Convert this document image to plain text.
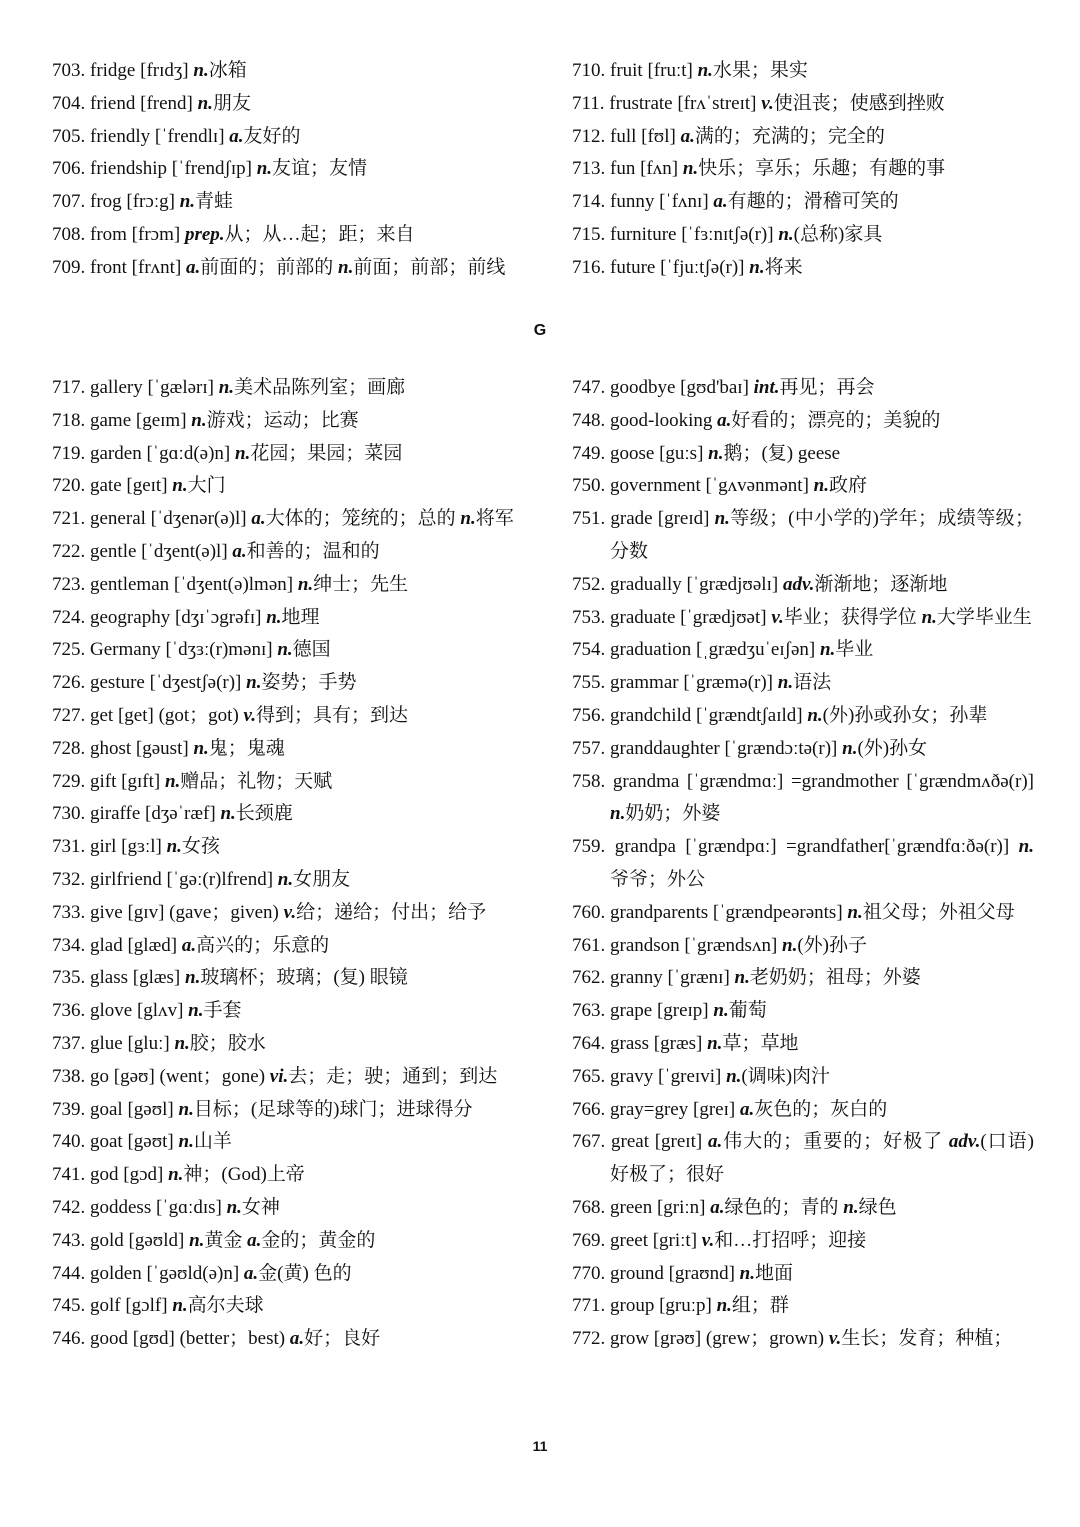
703. fridge [frɪdʒ] n.冰箱
704. friend [frend] n.朋友
705. friendly [ˈfrendlɪ] a.友好的
706. friendship [ˈfrendʃɪp] n.友谊；友情
707. frog [frɔːg] n.青蛙
708. from [frɔm] prep.从；从…起；距；来自
709. front [frʌnt] a.前面的；前部的 n.前面；前部；前线
710. fruit [fruːt] n.水果；果实
711. frustrate [frʌˈstreɪt] v.使沮丧；使感到挫败
712. full [fʊl] a.满的；充满的；完全的
713. fun [fʌn] n.快乐；享乐；乐趣；有趣的事
714. funny [ˈfʌnɪ] a.有趣的；滑稽可笑的
715. furniture [ˈfɜːnɪtʃə(r)] n.(总称)家具
716. future [ˈfjuːtʃə(r)] n.将来
G
717. gallery [ˈgælərɪ] n.美术品陈列室；画廊
718. game [geɪm] n.游戏；运动；比赛
719. garden [ˈgɑːd(ə)n] n.花园；果园；菜园
720. gate [geɪt] n.大门
721. general [ˈdʒenər(ə)l] a.大体的；笼统的；总的 n.将军
722. gentle [ˈdʒent(ə)l] a.和善的；温和的
723. gentleman [ˈdʒent(ə)lmən] n.绅士；先生
724. geography [dʒɪˈɔgrəfɪ] n.地理
725. Germany [ˈdʒɜː(r)mənɪ] n.德国
726. gesture [ˈdʒestʃə(r)] n.姿势；手势
727. get [get] (got；got) v.得到；具有；到达
728. ghost [gəust] n.鬼；鬼魂
729. gift [gɪft] n.赠品；礼物；天赋
730. giraffe [dʒəˈræf] n.长颈鹿
731. girl [gɜːl] n.女孩
732. girlfriend [ˈgəː(r)lfrend] n.女朋友
733. give [gɪv] (gave；given) v.给；递给；付出；给予
734. glad [glæd] a.高兴的；乐意的
735. glass [glæs] n.玻璃杯；玻璃；(复) 眼镜
736. glove [glʌv] n.手套
737. glue [gluː] n.胶；胶水
738. go [gəʊ] (went；gone) vi.去；走；驶；通到；到达
739. goal [gəʊl] n.目标；(足球等的)球门；进球得分
740. goat [gəʊt] n.山羊
741. god [gɔd] n.神；(God)上帝
742. goddess [ˈgɑːdɪs] n.女神
743. gold [gəʊld] n.黄金 a.金的；黄金的
744. golden [ˈgəʊld(ə)n] a.金(黄) 色的
745. golf [gɔlf] n.高尔夫球
746. good [gʊd] (better；best) a.好；良好
747. goodbye [gʊd'baɪ] int.再见；再会
748. good-looking a.好看的；漂亮的；美貌的
749. goose [guːs] n.鹅；(复) geese
750. government [ˈgʌvənmənt] n.政府
751. grade [greɪd] n.等级；(中小学的)学年；成绩等级；分数
752. gradually [ˈgrædjʊəlɪ] adv.渐渐地；逐渐地
753. graduate [ˈgrædjʊət] v.毕业；获得学位 n.大学毕业生
754. graduation [ˌgrædʒuˈeɪʃən] n.毕业
755. grammar [ˈgræmə(r)] n.语法
756. grandchild [ˈgrændtʃaɪld] n.(外)孙或孙女；孙辈
757. granddaughter [ˈgrændɔːtə(r)] n.(外)孙女
758. grandma [ˈgrændmɑː] =grandmother [ˈgrændmʌðə(r)] n.奶奶；外婆
759. grandpa [ˈgrændpɑː] =grandfather[ˈgrændfɑːðə(r)] n.爷爷；外公
760. grandparents [ˈgrændpeərənts] n.祖父母；外祖父母
761. grandson [ˈgrændsʌn] n.(外)孙子
762. granny [ˈgrænɪ] n.老奶奶；祖母；外婆
763. grape [greɪp] n.葡萄
764. grass [græs] n.草；草地
765. gravy [ˈgreɪvi] n.(调味)肉汁
766. gray=grey [greɪ] a.灰色的；灰白的
767. great [greɪt] a.伟大的；重要的；好极了 adv.(口语)好极了；很好
768. green [griːn] a.绿色的；青的 n.绿色
769. greet [griːt] v.和…打招呼；迎接
770. ground [graʊnd] n.地面
771. group [gruːp] n.组；群
772. grow [grəʊ] (grew；grown) v.生长；发育；种植；
11
